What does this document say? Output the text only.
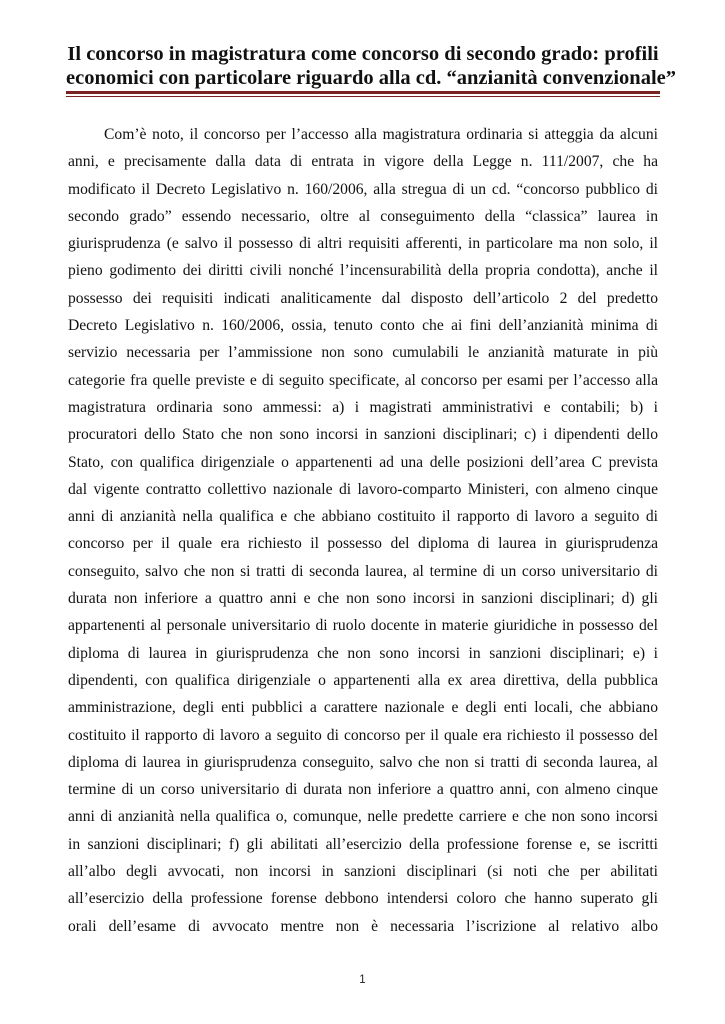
Il concorso in magistratura come concorso di secondo grado: profili
economici con particolare riguardo alla cd. “anzianità convenzionale”

Com’è noto, il concorso per l’accesso alla magistratura ordinaria si atteggia da alcuni
anni, e precisamente dalla data di entrata in vigore della Legge n. 111/2007, che ha
modificato il Decreto Legislativo n. 160/2006, alla stregua di un cd. “concorso pubblico di
secondo grado” essendo necessario, oltre al conseguimento della “classica” laurea in
giurisprudenza (e salvo il possesso di altri requisiti afferenti, in particolare ma non solo, il
pieno godimento dei diritti civili nonché l’incensurabilità della propria condotta), anche il
possesso dei requisiti indicati analiticamente dal disposto dell’articolo 2 del predetto
Decreto Legislativo n. 160/2006, ossia, tenuto conto che ai fini dell’anzianità minima di
servizio necessaria per l’ammissione non sono cumulabili le anzianità maturate in più
categorie fra quelle previste e di seguito specificate, al concorso per esami per l’accesso alla
magistratura ordinaria sono ammessi: a) i magistrati amministrativi e contabili; b) i
procuratori dello Stato che non sono incorsi in sanzioni disciplinari; c) i dipendenti dello
Stato, con qualifica dirigenziale o appartenenti ad una delle posizioni dell’area C prevista
dal vigente contratto collettivo nazionale di lavoro-comparto Ministeri, con almeno cinque
anni di anzianità nella qualifica e che abbiano costituito il rapporto di lavoro a seguito di
concorso per il quale era richiesto il possesso del diploma di laurea in giurisprudenza
conseguito, salvo che non si tratti di seconda laurea, al termine di un corso universitario di
durata non inferiore a quattro anni e che non sono incorsi in sanzioni disciplinari; d) gli
appartenenti al personale universitario di ruolo docente in materie giuridiche in possesso del
diploma di laurea in giurisprudenza che non sono incorsi in sanzioni disciplinari; e) i
dipendenti, con qualifica dirigenziale o appartenenti alla ex area direttiva, della pubblica
amministrazione, degli enti pubblici a carattere nazionale e degli enti locali, che abbiano
costituito il rapporto di lavoro a seguito di concorso per il quale era richiesto il possesso del
diploma di laurea in giurisprudenza conseguito, salvo che non si tratti di seconda laurea, al
termine di un corso universitario di durata non inferiore a quattro anni, con almeno cinque
anni di anzianità nella qualifica o, comunque, nelle predette carriere e che non sono incorsi
in sanzioni disciplinari; f) gli abilitati all’esercizio della professione forense e, se iscritti
all’albo degli avvocati, non incorsi in sanzioni disciplinari (si noti che per abilitati
all’esercizio della professione forense debbono intendersi coloro che hanno superato gli
orali dell’esame di avvocato mentre non è necessaria l’iscrizione al relativo albo

1
